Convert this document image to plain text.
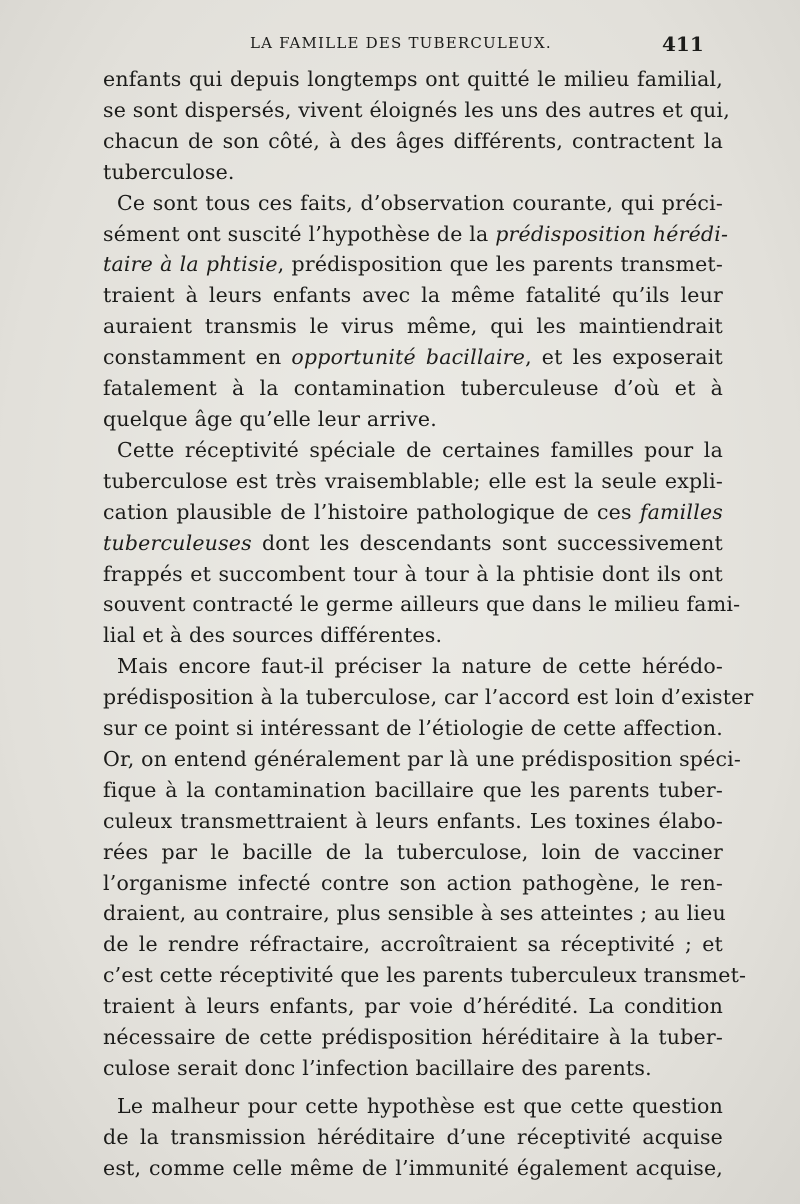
LA FAMILLE DES TUBERCULEUX.	411
enfants qui depuis longtemps ont quitté le milieu familial,
se sont dispersés, vivent éloignés les uns des autres et qui,
chacun de son côté, à des âges différents, contractent la
tuberculose.
Ce sont tous ces faits, d’observation courante, qui préci-
sément ont suscité l’hypothèse de la prédisposition hérédi-
taire à la phtisie, prédisposition que les parents transmet-
traient à leurs enfants avec la même fatalité qu’ils leur
auraient transmis le virus même, qui les maintiendrait
constamment en opportunité bacillaire, et les exposerait
fatalement à la contamination tuberculeuse d’où et à
quelque âge qu’elle leur arrive.
Cette réceptivité spéciale de certaines familles pour la
tuberculose est très vraisemblable; elle est la seule expli-
cation plausible de l’histoire pathologique de ces familles
tuberculeuses dont les descendants sont successivement
frappés et succombent tour à tour à la phtisie dont ils ont
souvent contracté le germe ailleurs que dans le milieu fami-
lial et à des sources différentes.
Mais encore faut-il préciser la nature de cette hérédo-
prédisposition à la tuberculose, car l’accord est loin d’exister
sur ce point si intéressant de l’étiologie de cette affection.
Or, on entend généralement par là une prédisposition spéci-
fique à la contamination bacillaire que les parents tuber-
culeux transmettraient à leurs enfants. Les toxines élabo-
rées par le bacille de la tuberculose, loin de vacciner
l’organisme infecté contre son action pathogène, le ren-
draient, au contraire, plus sensible à ses atteintes ; au lieu
de le rendre réfractaire, accroîtraient sa réceptivité ; et
c’est cette réceptivité que les parents tuberculeux transmet-
traient à leurs enfants, par voie d’hérédité. La condition
nécessaire de cette prédisposition héréditaire à la tuber-
culose serait donc l’infection bacillaire des parents.
Le malheur pour cette hypothèse est que cette question
de la transmission héréditaire d’une réceptivité acquise
est, comme celle même de l’immunité également acquise,
